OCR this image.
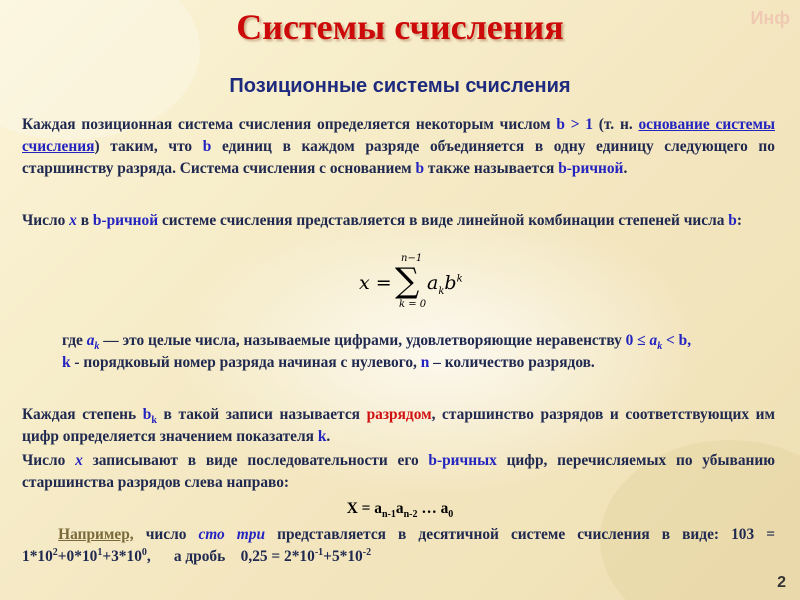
Системы счисления	Инф
Позиционные системы счисления
Каждая позиционная система счисления определяется некоторым числом b > 1 (т. н. основание системы счисления) таким, что b единиц в каждом разряде объединяется в одну единицу следующего по старшинству разряда. Система счисления с основанием b также называется b-ричной.
Число x в b-ричной системе счисления представляется в виде линейной комбинации степеней числа b:
x =
n−1
∑
k = 0
$a_kb^k$
где $a_k$ — это целые числа, называемые цифрами, удовлетворяющие неравенству $0 \le a_k < b$,
k - порядковый номер разряда начиная с нулевого, n – количество разрядов.
Каждая степень $b_k$ в такой записи называется разрядом, старшинство разрядов и соответствующих им цифр определяется значением показателя k.
Число x записывают в виде последовательности его b-ричных цифр, перечисляемых по убыванию старшинства разрядов слева направо:
$X = a_{n-1}a_{n-2}$ … $a_0$
Например, число сто три представляется в десятичной системе счисления в виде: $103 = 1*10^2+0*10^1+3*10^0$,      а дробь    $0,25 = 2*10^{-1}+5*10^{-2}$
2
